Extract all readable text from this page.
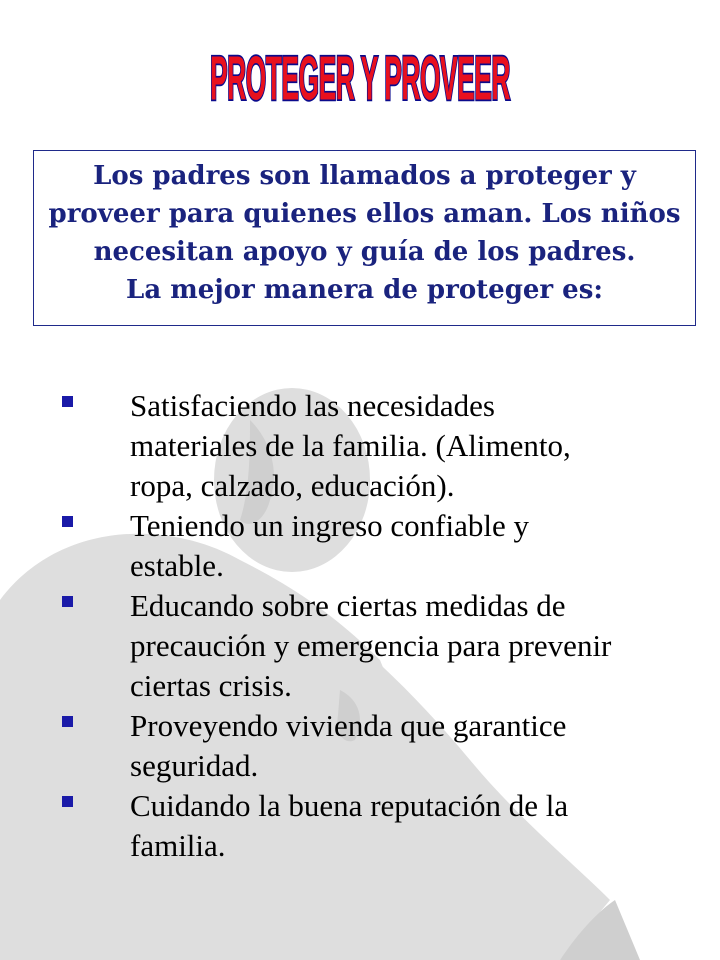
PROTEGER Y PROVEER
Los padres son llamados a proteger y
proveer para quienes ellos aman. Los niños
necesitan apoyo y guía de los padres.
La mejor manera de proteger es:
Satisfaciendo las necesidades
materiales de la familia. (Alimento,
ropa, calzado, educación).
Teniendo un ingreso confiable y
estable.
Educando sobre ciertas medidas de
precaución y emergencia para prevenir
ciertas crisis.
Proveyendo vivienda que garantice
seguridad.
Cuidando la buena reputación de la
familia.
